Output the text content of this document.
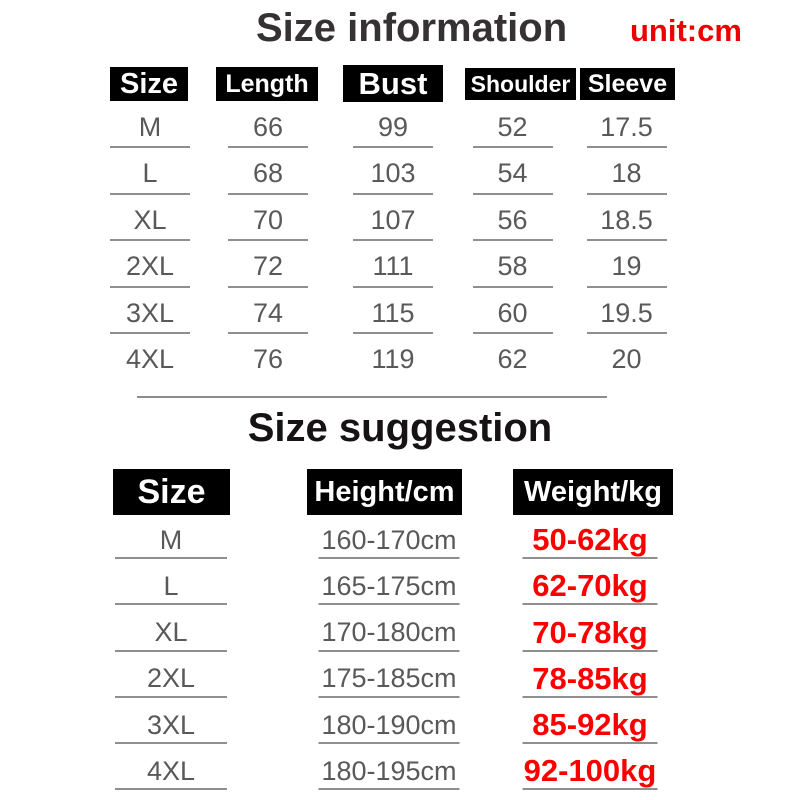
Size information unit:cm
Size	Length	Bust	Shoulder Sleeve
M	66	99	52	17.5
L	68	103	54	18
XL	70	107	56	18.5
2XL	72	111	58	19
3XL	74	115	60	19.5
4XL	76	119	62	20
Size suggestion
Size	Height/cm	Weight/kg
M	160-170cm	50-62kg
L	165-175cm	62-70kg
XL	170-180cm	70-78kg
2XL	175-185cm	78-85kg
3XL	180-190cm	85-92kg
4XL	180-195cm 92-100kg
